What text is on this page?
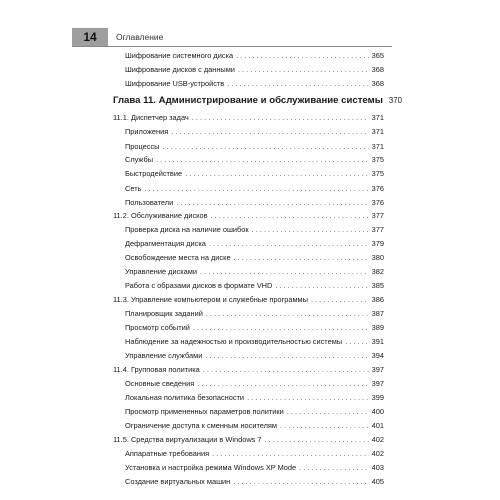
14	Оглавление
Шифрование системного диска . . .	365
Шифрование дисков с данными . . .	368
Шифрование USB-устройств . . .	368
Глава 11. Администрирование и обслуживание системы 370
11.1. Диспетчер задач . . .	371
Приложения . . .	371
Процессы . . .	371
Службы . . .	375
Быстродействие . . .	375
Сеть . . .	376
Пользователи . . .	376
11.2. Обслуживание дисков . . .	377
Проверка диска на наличие ошибок . . .	377
Дефрагментация диска . . .	379
Освобождение места на диске . . .	380
Управление дисками . . .	382
Работа с образами дисков в формате VHD . . .	385
11.3. Управление компьютером и служебные программы . . .	386
Планировщик заданий . . .	387
Просмотр событий . . .	389
Наблюдение за надежностью и производительностью системы . . .	391
Управление службами . . .	394
11.4. Групповая политика . . .	397
Основные сведения . . .	397
Локальная политика безопасности . . .	399
Просмотр примененных параметров политики . . .	400
Ограничение доступа к сменным носителям . . .	401
11.5. Средства виртуализации в Windows 7 . . .	402
Аппаратные требования . . .	402
Установка и настройка режима Windows XP Mode . . .	403
Создание виртуальных машин . . .	405
